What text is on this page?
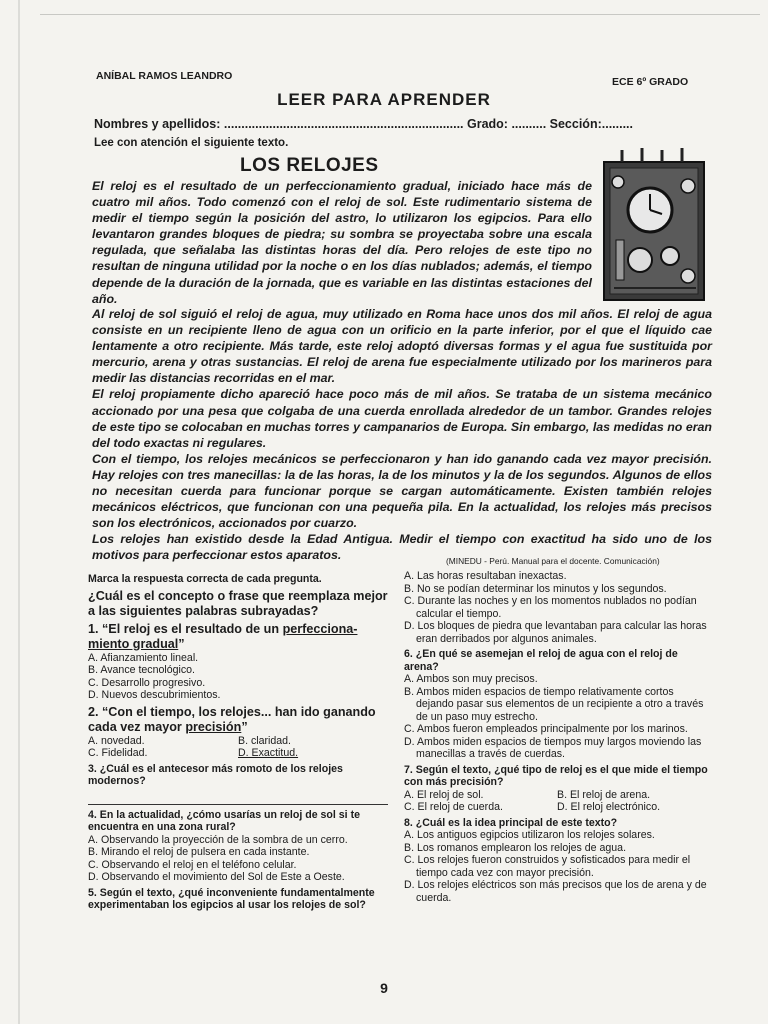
ANÍBAL RAMOS LEANDRO	ECE 6º GRADO
LEER PARA APRENDER
Nombres y apellidos: ..................................................................... Grado: .......... Sección:.........
Lee con atención el siguiente texto.
LOS RELOJES
El reloj es el resultado de un perfeccionamiento gradual, iniciado hace más de cuatro mil años. Todo comenzó con el reloj de sol. Este rudimentario sistema de medir el tiempo según la posición del astro, lo utilizaron los egipcios. Para ello levantaron grandes bloques de piedra; su sombra se proyectaba sobre una escala regulada, que señalaba las distintas horas del día. Pero relojes de este tipo no resultan de ninguna utilidad por la noche o en los días nublados; además, el tiempo depende de la duración de la jornada, que es variable en las distintas estaciones del año.
Al reloj de sol siguió el reloj de agua, muy utilizado en Roma hace unos dos mil años. El reloj de agua consiste en un recipiente lleno de agua con un orificio en la parte inferior, por el que el líquido cae lentamente a otro recipiente. Más tarde, este reloj adoptó diversas formas y el agua fue sustituida por mercurio, arena y otras sustancias. El reloj de arena fue especialmente utilizado por los marineros para medir las distancias recorridas en el mar.
El reloj propiamente dicho apareció hace poco más de mil años. Se trataba de un sistema mecánico accionado por una pesa que colgaba de una cuerda enrollada alrededor de un tambor. Grandes relojes de este tipo se colocaban en muchas torres y campanarios de Europa. Sin embargo, las medidas no eran del todo exactas ni regulares.
Con el tiempo, los relojes mecánicos se perfeccionaron y han ido ganando cada vez mayor precisión. Hay relojes con tres manecillas: la de las horas, la de los minutos y la de los segundos. Algunos de ellos no necesitan cuerda para funcionar porque se cargan automáticamente. Existen también relojes mecánicos eléctricos, que funcionan con una pequeña pila. En la actualidad, los relojes más precisos son los electrónicos, accionados por cuarzo.
Los relojes han existido desde la Edad Antigua. Medir el tiempo con exactitud ha sido uno de los motivos para perfeccionar estos aparatos.	(MINEDU - Perú. Manual para el docente. Comunicación)
Marca la respuesta correcta de cada pregunta.
¿Cuál es el concepto o frase que reemplaza mejor a las siguientes palabras subrayadas?
1. “El reloj es el resultado de un perfecciona-miento gradual”
A. Afianzamiento lineal.
B. Avance tecnológico.
C. Desarrollo progresivo.
D. Nuevos descubrimientos.
2. “Con el tiempo, los relojes... han ido ganando cada vez mayor precisión”
A. novedad.	B. claridad.
C. Fidelidad.	D. Exactitud.
3. ¿Cuál es el antecesor más romoto de los relojes modernos?
4. En la actualidad, ¿cómo usarías un reloj de sol si te encuentra en una zona rural?
A. Observando la proyección de la sombra de un cerro.
B. Mirando el reloj de pulsera en cada instante.
C. Observando el reloj en el teléfono celular.
D. Observando el movimiento del Sol de Este a Oeste.
5. Según el texto, ¿qué inconveniente fundamentalmente experimentaban los egipcios al usar los relojes de sol?
A. Las horas resultaban inexactas.
B. No se podían determinar los minutos y los segundos.
C. Durante las noches y en los momentos nublados no podían calcular el tiempo.
D. Los bloques de piedra que levantaban para calcular las horas eran derribados por algunos animales.
6. ¿En qué se asemejan el reloj de agua con el reloj de arena?
A. Ambos son muy precisos.
B. Ambos miden espacios de tiempo relativamente cortos dejando pasar sus elementos de un recipiente a otro a través de un paso muy estrecho.
C. Ambos fueron empleados principalmente por los marinos.
D. Ambos miden espacios de tiempos muy largos moviendo las manecillas a través de cuerdas.
7. Según el texto, ¿qué tipo de reloj es el que mide el tiempo con más precisión?
A. El reloj de sol.	B. El reloj de arena.
C. El reloj de cuerda.	D. El reloj electrónico.
8. ¿Cuál es la idea principal de este texto?
A. Los antiguos egipcios utilizaron los relojes solares.
B. Los romanos emplearon los relojes de agua.
C. Los relojes fueron construidos y sofisticados para medir el tiempo cada vez con mayor precisión.
D. Los relojes eléctricos son más precisos que los de arena y de cuerda.
9
